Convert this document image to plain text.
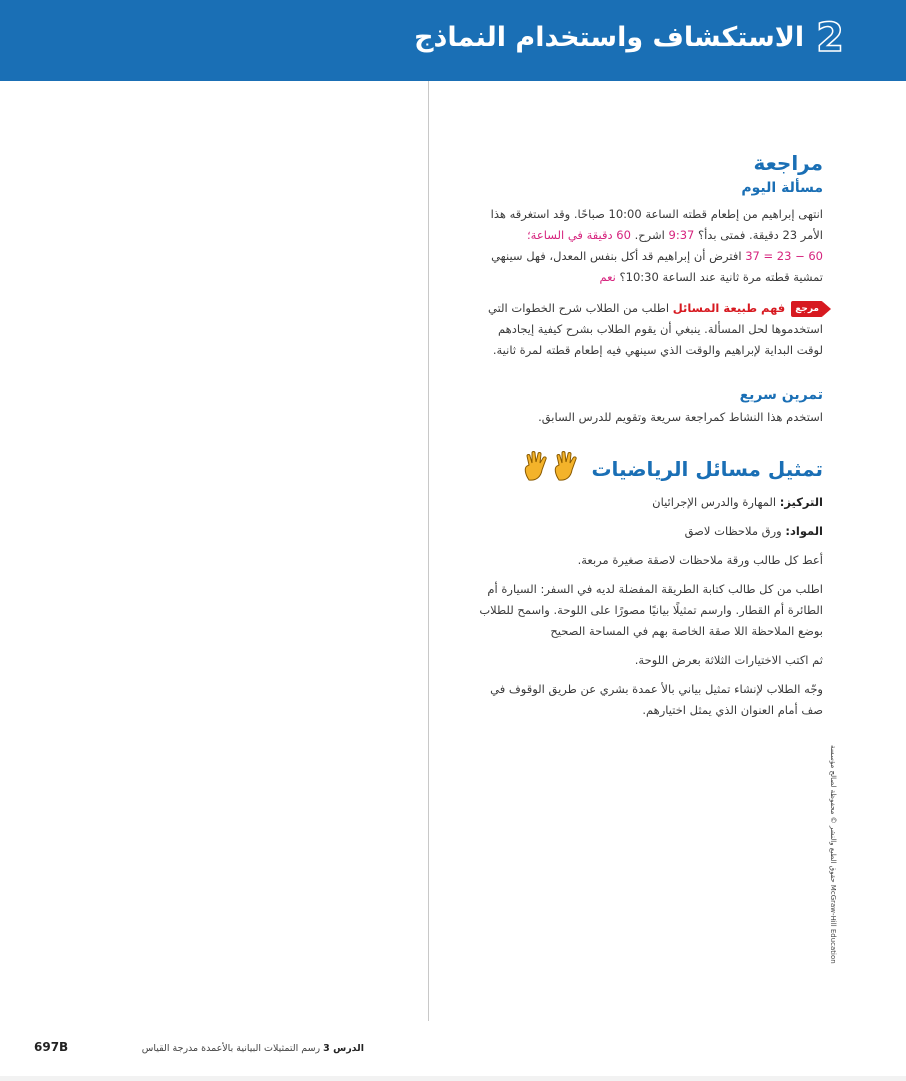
2
الاستكشاف واستخدام النماذج
مراجعة
مسألة اليوم

انتهى إبراهيم من إطعام قطته الساعة 10:00 صباحًا. وقد استغرقه هذا

الأمر 23 دقيقة. فمتى بدأ؟ 9:37 اشرح. 60 دقيقة في الساعة؛

37 = 23 − 60 افترض أن إبراهيم قد أكل بنفس المعدل، فهل سينهي

تمشية قطته مرة ثانية عند الساعة 10:30؟ نعم

مرجعفهم طبيعة المسائل اطلب من الطلاب شرح الخطوات التي

استخدموها لحل المسألة. ينبغي أن يقوم الطلاب بشرح كيفية إيجادهم

لوقت البداية لإبراهيم والوقت الذي سينهي فيه إطعام قطته لمرة ثانية.

تمرين سريع

استخدم هذا النشاط كمراجعة سريعة وتقويم للدرس السابق.

تمثيل مسائل الرياضيات

التركيز: المهارة والدرس الإجرائيان

المواد: ورق ملاحظات لاصق

أعط كل طالب ورقة ملاحظات لاصقة صغيرة مربعة.

اطلب من كل طالب كتابة الطريقة المفضلة لديه في السفر: السيارة أم

الطائرة أم القطار. وارسم تمثيلًا بيانيًا مصورًا على اللوحة. واسمح للطلاب

بوضع الملاحظة اللا صقة الخاصة بهم في المساحة الصحيح

ثم اكتب الاختيارات الثلاثة بعرض اللوحة.

وجّه الطلاب لإنشاء تمثيل بياني بالأ عمدة بشري عن طريق الوقوف في

صف أمام العنوان الذي يمثل اختيارهم.

حقوق الطبع والنشر © محفوظة لصالح مؤسسة McGraw-Hill Education
697B	الدرس 3 رسم التمثيلات البيانية بالأعمدة مدرجة القياس
